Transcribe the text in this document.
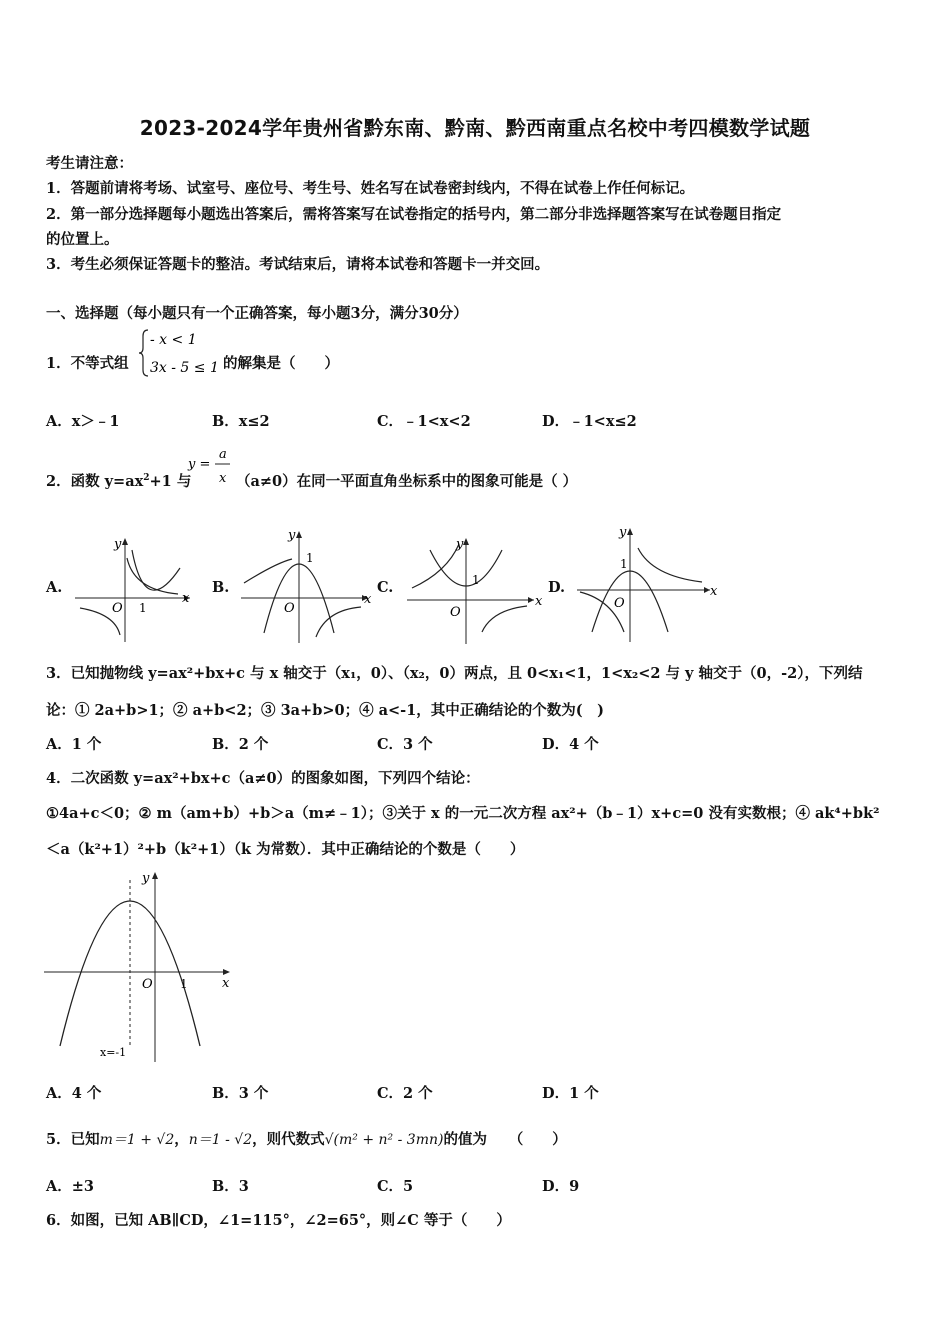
2023-2024学年贵州省黔东南、黔南、黔西南重点名校中考四模数学试题
考生请注意：
1．答题前请将考场、试室号、座位号、考生号、姓名写在试卷密封线内，不得在试卷上作任何标记。
2．第一部分选择题每小题选出答案后，需将答案写在试卷指定的括号内，第二部分非选择题答案写在试卷题目指定
的位置上。
3．考生必须保证答题卡的整洁。考试结束后，请将本试卷和答题卡一并交回。
一、选择题（每小题只有一个正确答案，每小题3分，满分30分）
1．不等式组
- x < 1
3x - 5 ≤ 1 的解集是（　　）
A．x＞﹣1	B．x≤2	C．﹣1<x<2	D．﹣1<x≤2
2．函数 $y=ax^2+1$ 与
y =
a
x （a≠0）在同一平面直角坐标系中的图象可能是（ ）
A.	B.	C.	D.
O 1
x
y
O
1
x
y
O
1
x
y
O
1
x
y
3．已知抛物线 y=ax²+bx+c 与 x 轴交于（x₁，0）、（x₂，0）两点，且 0<x₁<1，1<x₂<2 与 y 轴交于（0，-2），下列结
论：① 2a+b>1；② a+b<2；③ 3a+b>0；④ a<-1，其中正确结论的个数为(　)
A．1 个	B．2 个	C．3 个	D．4 个
4．二次函数 y=ax²+bx+c（a≠0）的图象如图，下列四个结论：
①4a+c＜0；② m（am+b）+b＞a（m≠﹣1）；③关于 x 的一元二次方程 ax²+（b﹣1）x+c=0 没有实数根；④ ak⁴+bk²
＜a（k²+1）²+b（k²+1）（k 为常数）．其中正确结论的个数是（　　）
O 1	x
y
x=-1
A．4 个	B．3 个	C．2 个	D．1 个
5．已知m＝1 + √2，n＝1 - √2，则代数式√(m² + n² - 3mn)的值为　　（　　）
A．±3	B．3	C．5	D．9
6．如图，已知 AB∥CD，∠1=115°，∠2=65°，则∠C 等于（　　）
